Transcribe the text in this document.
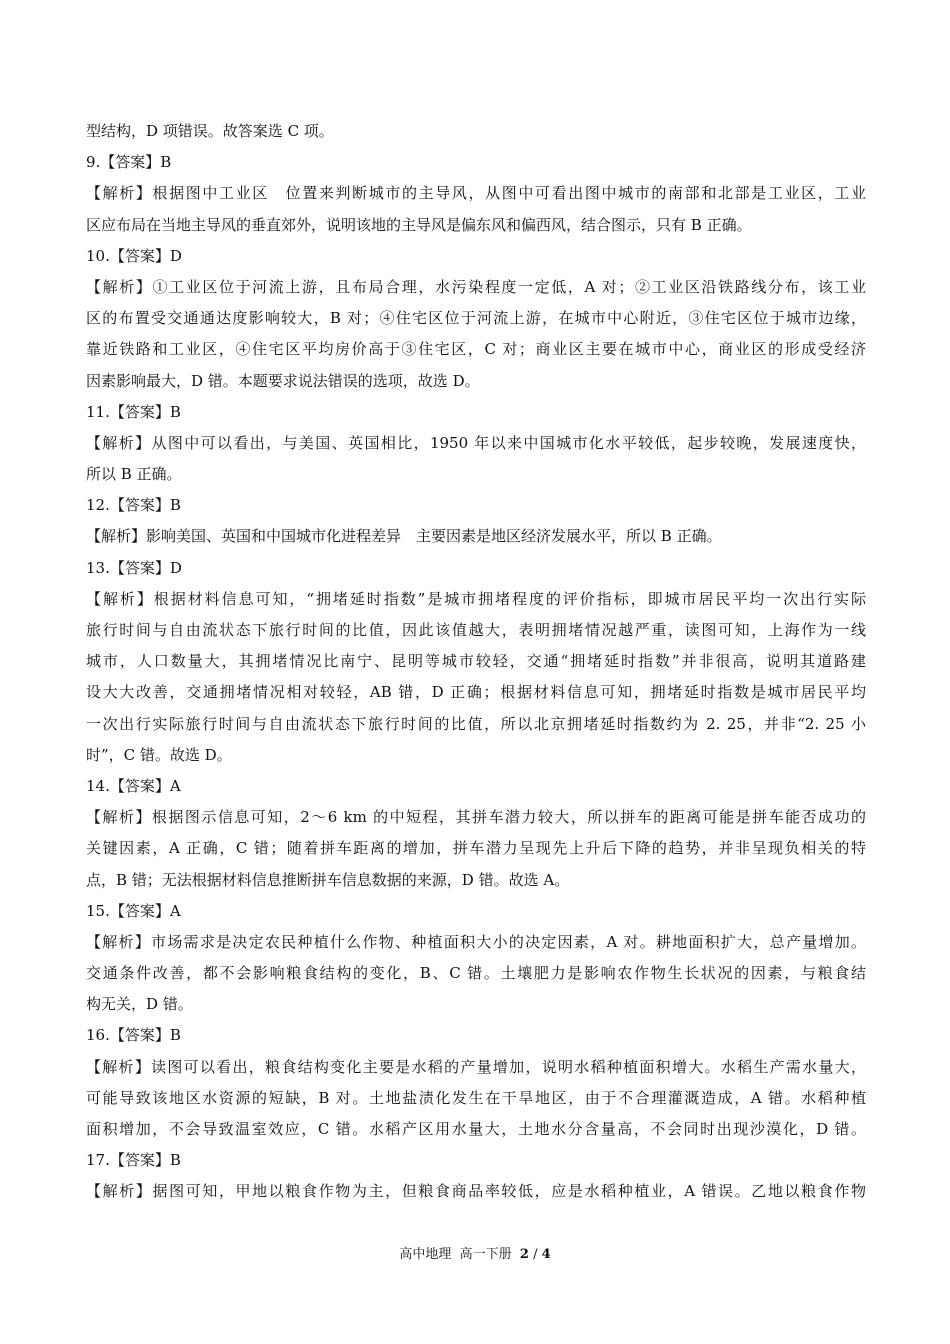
型结构，D 项错误。故答案选 C 项。
9.【答案】B
【解析】根据图中工业区　位置来判断城市的主导风，从图中可看出图中城市的南部和北部是工业区，工业
区应布局在当地主导风的垂直郊外，说明该地的主导风是偏东风和偏西风，结合图示，只有 B 正确。
10.【答案】D
【解析】①工业区位于河流上游，且布局合理，水污染程度一定低，A 对；②工业区沿铁路线分布，该工业
区的布置受交通通达度影响较大，B 对；④住宅区位于河流上游，在城市中心附近，③住宅区位于城市边缘，
靠近铁路和工业区，④住宅区平均房价高于③住宅区，C 对；商业区主要在城市中心，商业区的形成受经济
因素影响最大，D 错。本题要求说法错误的选项，故选 D。
11.【答案】B
【解析】从图中可以看出，与美国、英国相比，1950 年以来中国城市化水平较低，起步较晚，发展速度快，
所以 B 正确。
12.【答案】B
【解析】影响美国、英国和中国城市化进程差异　主要因素是地区经济发展水平，所以 B 正确。
13.【答案】D
【解析】根据材料信息可知，“拥堵延时指数”是城市拥堵程度的评价指标，即城市居民平均一次出行实际
旅行时间与自由流状态下旅行时间的比值，因此该值越大，表明拥堵情况越严重，读图可知，上海作为一线
城市，人口数量大，其拥堵情况比南宁、昆明等城市较轻，交通“拥堵延时指数”并非很高，说明其道路建
设大大改善，交通拥堵情况相对较轻，AB 错，D 正确；根据材料信息可知，拥堵延时指数是城市居民平均
一次出行实际旅行时间与自由流状态下旅行时间的比值，所以北京拥堵延时指数约为 2. 25，并非“2. 25 小
时”，C 错。故选 D。
14.【答案】A
【解析】根据图示信息可知，2～6 km 的中短程，其拼车潜力较大，所以拼车的距离可能是拼车能否成功的
关键因素，A 正确，C 错；随着拼车距离的增加，拼车潜力呈现先上升后下降的趋势，并非呈现负相关的特
点，B 错；无法根据材料信息推断拼车信息数据的来源，D 错。故选 A。
15.【答案】A
【解析】市场需求是决定农民种植什么作物、种植面积大小的决定因素，A 对。耕地面积扩大，总产量增加。
交通条件改善，都不会影响粮食结构的变化，B、C 错。土壤肥力是影响农作物生长状况的因素，与粮食结
构无关，D 错。
16.【答案】B
【解析】读图可以看出，粮食结构变化主要是水稻的产量增加，说明水稻种植面积增大。水稻生产需水量大，
可能导致该地区水资源的短缺，B 对。土地盐渍化发生在干旱地区，由于不合理灌溉造成，A 错。水稻种植
面积增加，不会导致温室效应，C 错。水稻产区用水量大，土地水分含量高，不会同时出现沙漠化，D 错。
17.【答案】B
【解析】据图可知，甲地以粮食作物为主，但粮食商品率较低，应是水稻种植业，A 错误。乙地以粮食作物
高中地理 高一下册 2 / 4
